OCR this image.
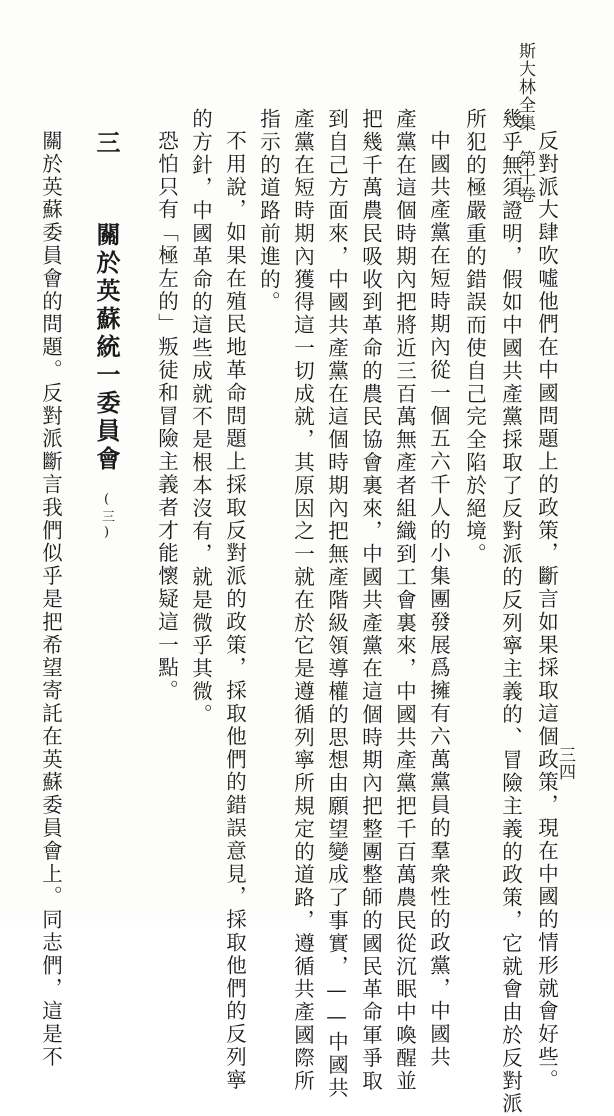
斯大林全集　第十卷
三四
反對派大肆吹噓他們在中國問題上的政策，斷言如果採取這個政策，現在中國的情形就會好些。
幾乎無須證明，假如中國共產黨採取了反對派的反列寧主義的、冒險主義的政策，它就會由於反對派
所犯的極嚴重的錯誤而使自己完全陷於絕境。
中國共產黨在短時期內從一個五六千人的小集團發展爲擁有六萬黨員的羣衆性的政黨，中國共
產黨在這個時期內把將近三百萬無產者組織到工會裏來，中國共產黨把千百萬農民從沉眠中喚醒並
把幾千萬農民吸收到革命的農民協會裏來，中國共產黨在這個時期內把整團整師的國民革命軍爭取
到自己方面來，中國共產黨在這個時期內把無產階級領導權的思想由願望變成了事實，——中國共
產黨在短時期內獲得這一切成就，其原因之一就在於它是遵循列寧所規定的道路，遵循共產國際所
指示的道路前進的。
不用說，如果在殖民地革命問題上採取反對派的政策，採取他們的錯誤意見，採取他們的反列寧
的方針，中國革命的這些成就不是根本沒有，就是微乎其微。
恐怕只有「極左的」叛徒和冒險主義者才能懷疑這一點。
三
關於英蘇統一委員會
(三)
關於英蘇委員會的問題。反對派斷言我們似乎是把希望寄託在英蘇委員會上。同志們，這是不
